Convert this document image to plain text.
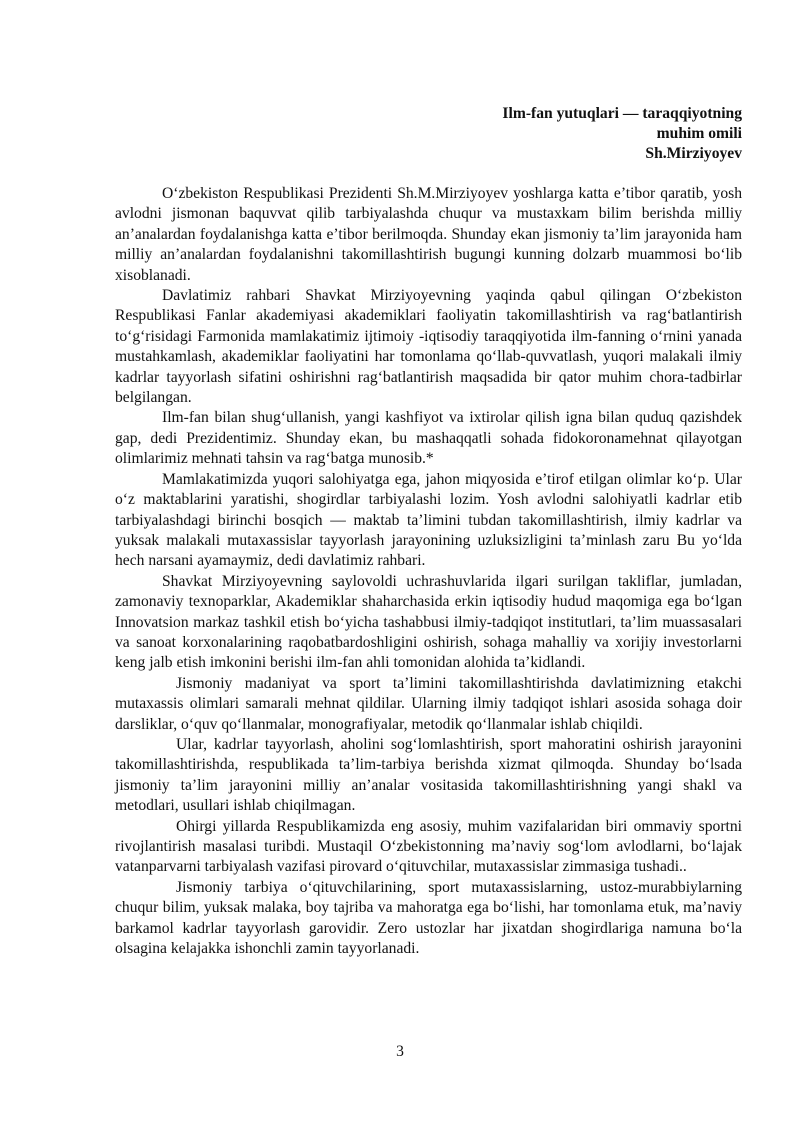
Ilm-fan yutuqlari — taraqqiyotning
muhim omili
Sh.Mirziyoyev

O‘zbekiston Respublikasi Prezidenti Sh.M.Mirziyoyev yoshlarga katta e’tibor qaratib, yosh avlodni jismonan baquvvat qilib tarbiyalashda chuqur va mustaxkam bilim berishda milliy an’analardan foydalanishga katta e’tibor berilmoqda. Shunday ekan jismoniy ta’lim jarayonida ham milliy an’analardan foydalanishni takomillashtirish bugungi kunning dolzarb muammosi bo‘lib xisoblanadi.

Davlatimiz rahbari Shavkat Mirziyoyevning yaqinda qabul qilingan O‘zbekiston Respublikasi Fanlar akademiyasi akademiklari faoliyatin takomillashtirish va rag‘batlantirish to‘g‘risidagi Farmonida mamlakatimiz ijtimoiy -iqtisodiy taraqqiyotida ilm-fanning o‘rnini yanada mustahkamlash, akademiklar faoliyatini har tomonlama qo‘llab-quvvatlash, yuqori malakali ilmiy kadrlar tayyorlash sifatini oshirishni rag‘batlantirish maqsadida bir qator muhim chora-tadbirlar belgilangan.

Ilm-fan bilan shug‘ullanish, yangi kashfiyot va ixtirolar qilish igna bilan quduq qazishdek gap, dedi Prezidentimiz. Shunday ekan, bu mashaqqatli sohada fidokoronamehnat qilayotgan olimlarimiz mehnati tahsin va rag‘batga munosib.*

Mamlakatimizda yuqori salohiyatga ega, jahon miqyosida e’tirof etilgan olimlar ko‘p. Ular o‘z maktablarini yaratishi, shogirdlar tarbiyalashi lozim. Yosh avlodni salohiyatli kadrlar etib tarbiyalashdagi birinchi bosqich — maktab ta’limini tubdan takomillashtirish, ilmiy kadrlar va yuksak malakali mutaxassislar tayyorlash jarayonining uzluksizligini ta’minlash zaru Bu yo‘lda hech narsani ayamaymiz, dedi davlatimiz rahbari.

Shavkat Mirziyoyevning saylovoldi uchrashuvlarida ilgari surilgan takliflar, jumladan, zamonaviy texnoparklar, Akademiklar shaharchasida erkin iqtisodiy hudud maqomiga ega bo‘lgan Innovatsion markaz tashkil etish bo‘yicha tashabbusi ilmiy-tadqiqot institutlari, ta’lim muassasalari va sanoat korxonalarining raqobatbardoshligini oshirish, sohaga mahalliy va xorijiy investorlarni keng jalb etish imkonini berishi ilm-fan ahli tomonidan alohida ta’kidlandi.

Jismoniy madaniyat va sport ta’limini takomillashtirishda davlatimizning etakchi mutaxassis olimlari samarali mehnat qildilar. Ularning ilmiy tadqiqot ishlari asosida sohaga doir darsliklar, o‘quv qo‘llanmalar, monografiyalar, metodik qo‘llanmalar ishlab chiqildi.

Ular, kadrlar tayyorlash, aholini sog‘lomlashtirish, sport mahoratini oshirish jarayonini takomillashtirishda, respublikada ta’lim-tarbiya berishda xizmat qilmoqda. Shunday bo‘lsada jismoniy ta’lim jarayonini milliy an’analar vositasida takomillashtirishning yangi shakl va metodlari, usullari ishlab chiqilmagan.

Ohirgi yillarda Respublikamizda eng asosiy, muhim vazifalaridan biri ommaviy sportni rivojlantirish masalasi turibdi. Mustaqil O‘zbekistonning ma’naviy sog‘lom avlodlarni, bo‘lajak vatanparvarni tarbiyalash vazifasi pirovard o‘qituvchilar, mutaxassislar zimmasiga tushadi..

Jismoniy tarbiya o‘qituvchilarining, sport mutaxassislarning, ustoz-murabbiylarning chuqur bilim, yuksak malaka, boy tajriba va mahoratga ega bo‘lishi, har tomonlama etuk, ma’naviy barkamol kadrlar tayyorlash garovidir. Zero ustozlar har jixatdan shogirdlariga namuna bo‘la olsagina kelajakka ishonchli zamin tayyorlanadi.

3
